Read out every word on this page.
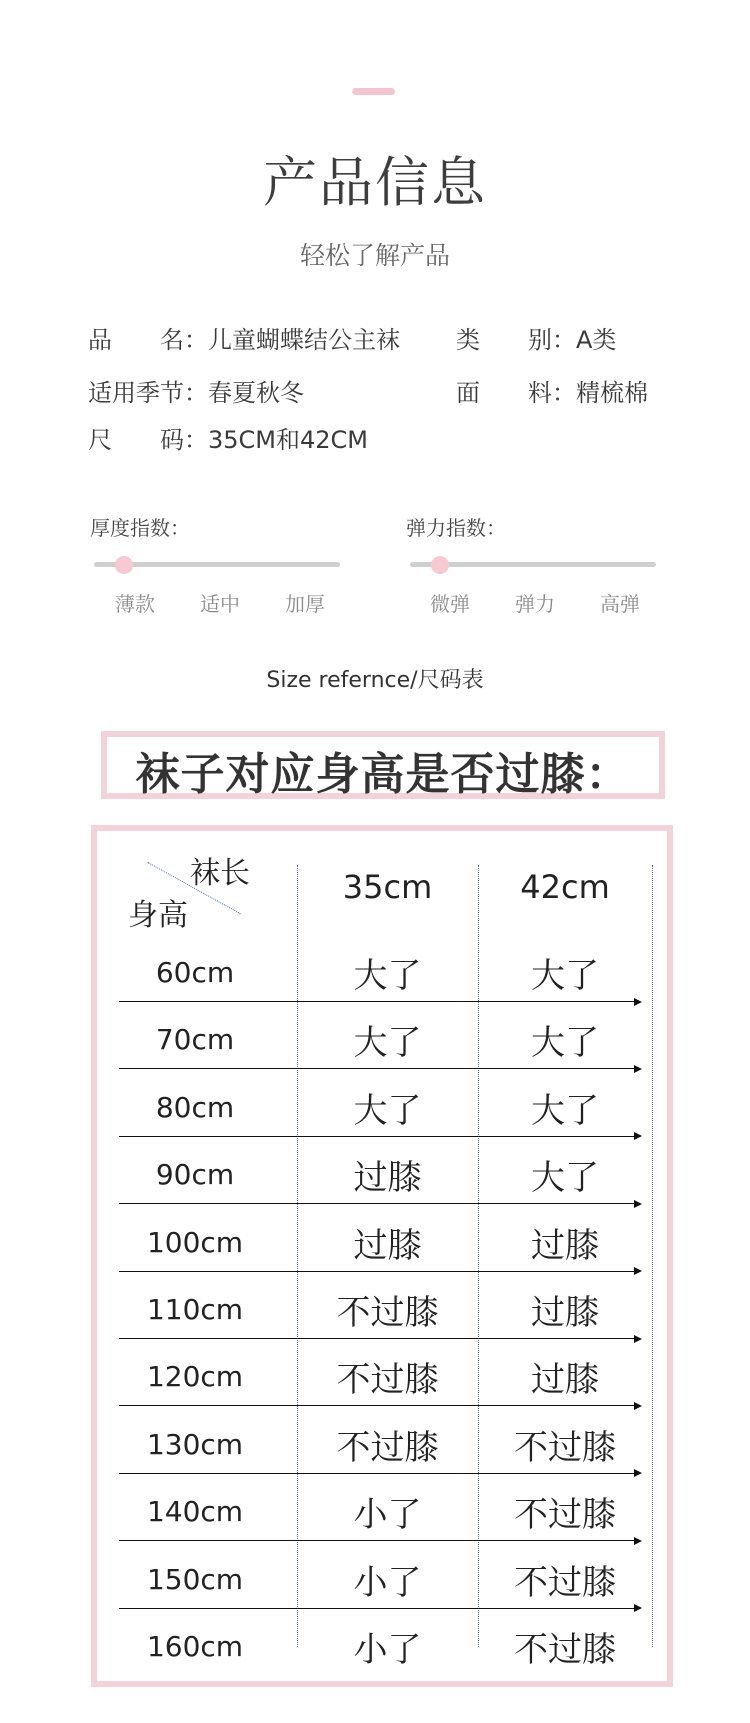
产品信息
轻松了解产品
品　　名：儿童蝴蝶结公主袜 类　　别：A类
适用季节：春夏秋冬	面　　料：精梳棉
尺　　码：35CM和42CM
厚度指数：
薄款 适中 加厚
弹力指数：
微弹 弹力 高弹
Size refernce/尺码表
袜子对应身高是否过膝：
袜长
身高
35cm	42cm
60cm	大了	大了
70cm	大了	大了
80cm	大了	大了
90cm	过膝	大了
100cm	过膝	过膝
110cm	不过膝	过膝
120cm	不过膝	过膝
130cm	不过膝	不过膝
140cm	小了	不过膝
150cm	小了	不过膝
160cm	小了	不过膝
